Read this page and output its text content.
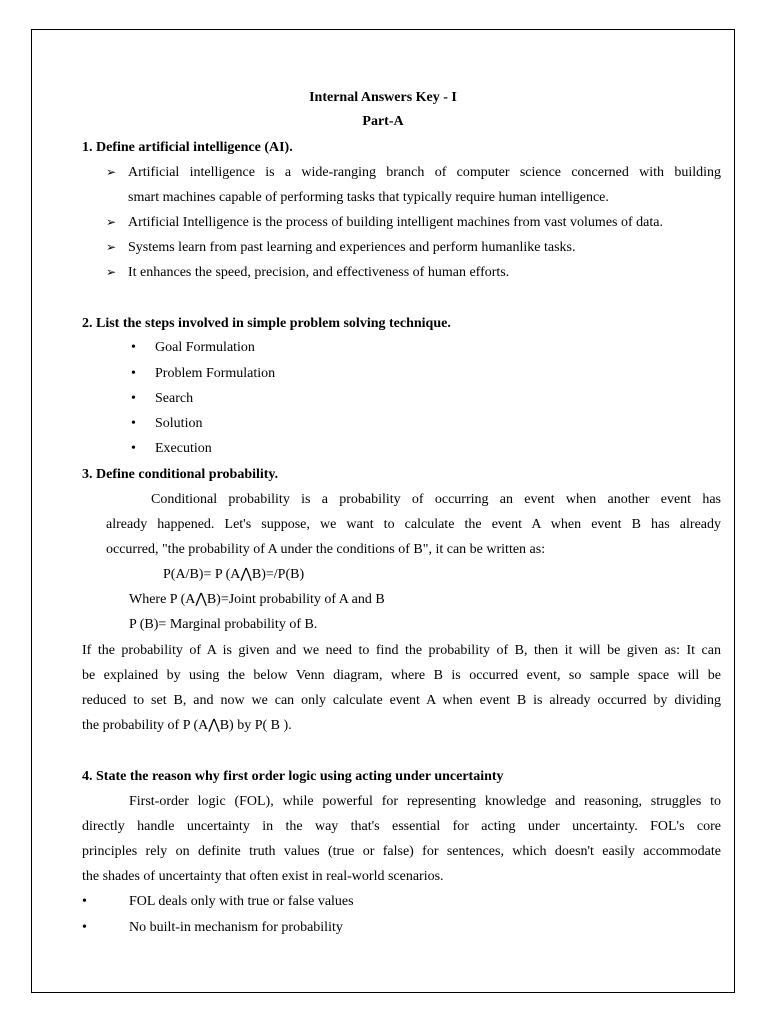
Internal Answers Key - I
Part-A
1. Define artificial intelligence (AI).
➢ Artificial intelligence is a wide-ranging branch of computer science concerned with building
smart machines capable of performing tasks that typically require human intelligence.
➢ Artificial Intelligence is the process of building intelligent machines from vast volumes of data.
➢ Systems learn from past learning and experiences and perform humanlike tasks.
➢ It enhances the speed, precision, and effectiveness of human efforts.
2. List the steps involved in simple problem solving technique.
• Goal Formulation
• Problem Formulation
• Search
• Solution
• Execution
3. Define conditional probability.
Conditional probability is a probability of occurring an event when another event has
already happened. Let's suppose, we want to calculate the event A when event B has already
occurred, "the probability of A under the conditions of B", it can be written as:
P(A/B)= P (A⋀B)=/P(B)
Where P (A⋀B)=Joint probability of A and B
P (B)= Marginal probability of B.
If the probability of A is given and we need to find the probability of B, then it will be given as: It can
be explained by using the below Venn diagram, where B is occurred event, so sample space will be
reduced to set B, and now we can only calculate event A when event B is already occurred by dividing
the probability of P (A⋀B) by P( B ).
4. State the reason why first order logic using acting under uncertainty
First-order logic (FOL), while powerful for representing knowledge and reasoning, struggles to
directly handle uncertainty in the way that's essential for acting under uncertainty. FOL's core
principles rely on definite truth values (true or false) for sentences, which doesn't easily accommodate
the shades of uncertainty that often exist in real-world scenarios.
•	FOL deals only with true or false values
•	No built-in mechanism for probability
